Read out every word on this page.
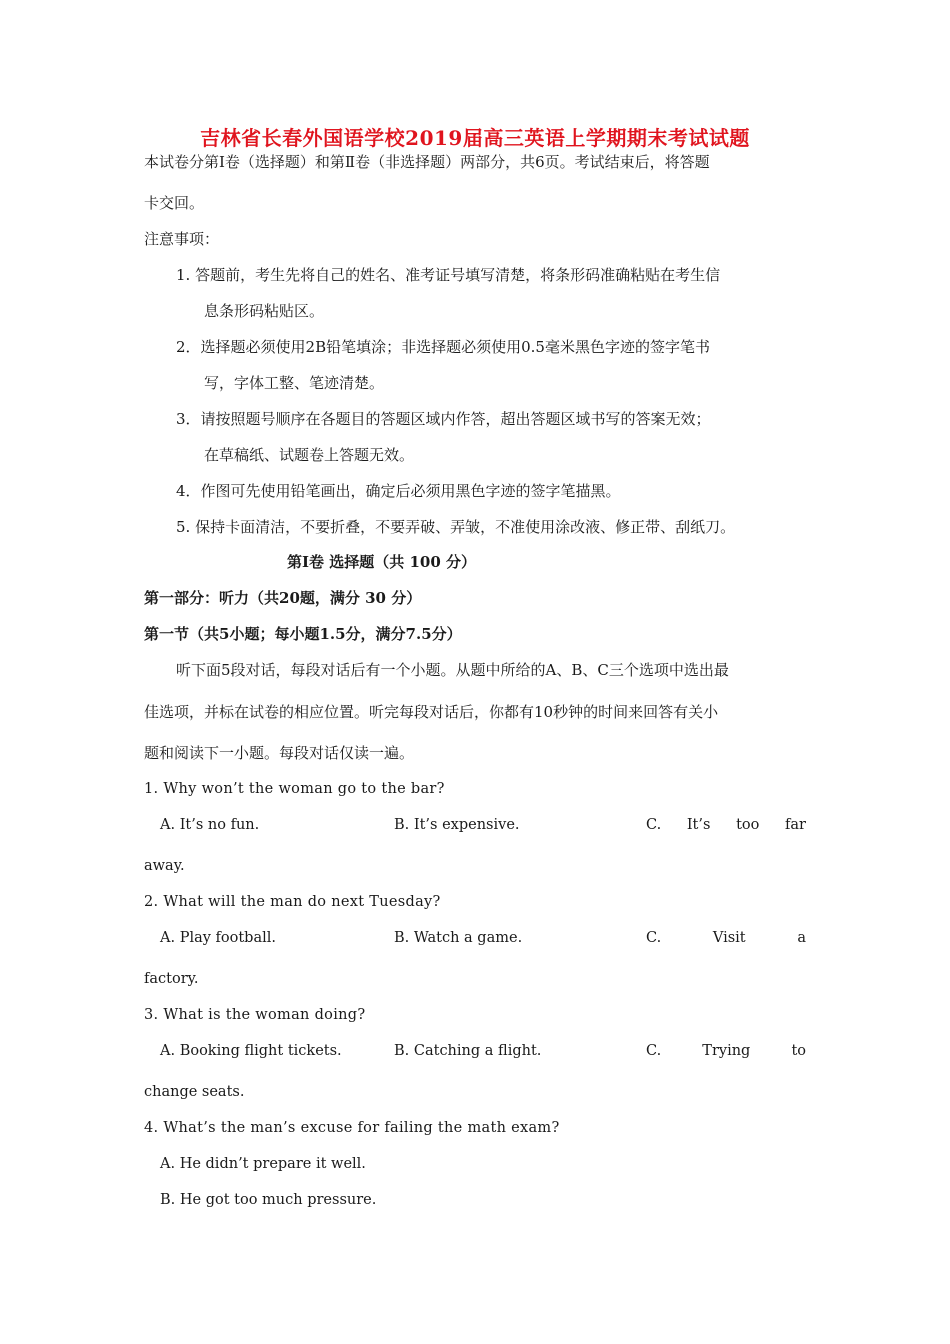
吉林省长春外国语学校2019届高三英语上学期期末考试试题
本试卷分第Ⅰ卷（选择题）和第Ⅱ卷（非选择题）两部分，共6页。考试结束后，将答题
卡交回。
注意事项：
1. 答题前，考生先将自己的姓名、准考证号填写清楚，将条形码准确粘贴在考生信
息条形码粘贴区。
2．选择题必须使用2B铅笔填涂；非选择题必须使用0.5毫米黑色字迹的签字笔书
写，字体工整、笔迹清楚。
3．请按照题号顺序在各题目的答题区域内作答，超出答题区域书写的答案无效；
在草稿纸、试题卷上答题无效。
4．作图可先使用铅笔画出，确定后必须用黑色字迹的签字笔描黑。
5. 保持卡面清洁，不要折叠，不要弄破、弄皱，不准使用涂改液、修正带、刮纸刀。
第Ⅰ卷 选择题（共 100 分）
第一部分：听力（共20题，满分 30 分）
第一节（共5小题；每小题1.5分，满分7.5分）
听下面5段对话，每段对话后有一个小题。从题中所给的A、B、C三个选项中选出最
佳选项，并标在试卷的相应位置。听完每段对话后，你都有10秒钟的时间来回答有关小
题和阅读下一小题。每段对话仅读一遍。
1. Why won’t the woman go to the bar?
A. It’s no fun.	B. It’s expensive.	C. It’s too far
away.
2. What will the man do next Tuesday?
A. Play football.	B. Watch a game.	C.	Visit	a
factory.
3. What is the woman doing?
A. Booking flight tickets.	B. Catching a flight.	C.	Trying	to
change seats.
4. What’s the man’s excuse for failing the math exam?
A. He didn’t prepare it well.
B. He got too much pressure.
